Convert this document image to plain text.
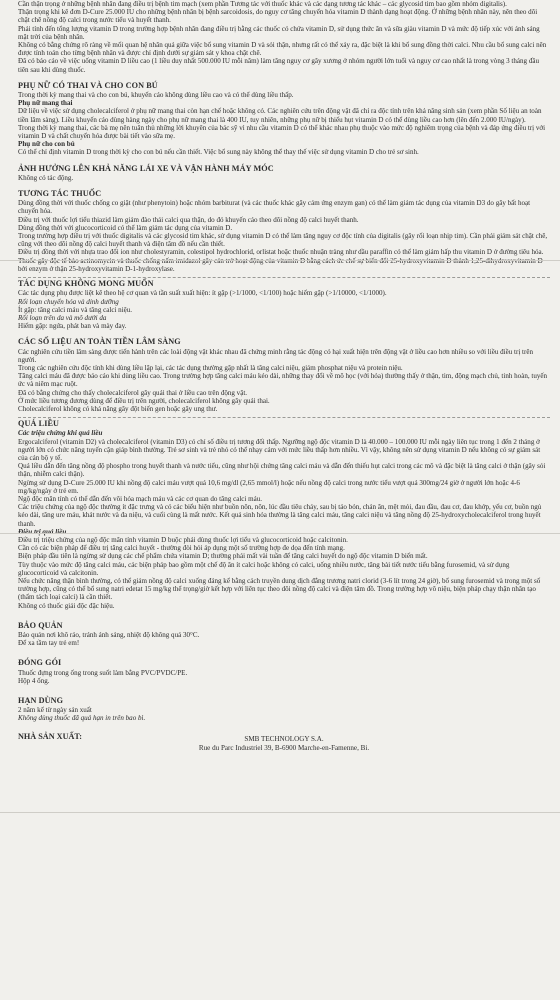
Cần thận trọng ở những bệnh nhân đang điều trị bệnh tim mạch (xem phần Tương tác với thuốc khác và các dạng tương tác khác – các glycosid tim bao gồm nhóm digitalis).

Thận trọng khi kê đơn D-Cure 25.000 IU cho những bệnh nhân bị bệnh sarcoidosis, do nguy cơ tăng chuyển hóa vitamin D thành dạng hoạt động. Ở những bệnh nhân này, nên theo dõi chặt chẽ nồng độ calci trong nước tiểu và huyết thanh.

Phải tính đến tổng lượng vitamin D trong trường hợp bệnh nhân đang điều trị bằng các thuốc có chứa vitamin D, sử dụng thức ăn và sữa giàu vitamin D và mức độ tiếp xúc với ánh sáng mặt trời của bệnh nhân.

Không có bằng chứng rõ ràng về mối quan hệ nhân quả giữa việc bổ sung vitamin D và sỏi thận, nhưng rất có thể xảy ra, đặc biệt là khi bổ sung đồng thời calci. Nhu cầu bổ sung calci nên được tính toán cho từng bệnh nhân và được chỉ định dưới sự giám sát y khoa chặt chẽ.

Đã có báo cáo về việc uống vitamin D liều cao (1 liều duy nhất 500.000 IU mỗi năm) làm tăng nguy cơ gãy xương ở nhóm người lớn tuổi và nguy cơ cao nhất là trong vòng 3 tháng đầu tiên sau khi dùng thuốc.

PHỤ NỮ CÓ THAI VÀ CHO CON BÚ

Trong thời kỳ mang thai và cho con bú, khuyến cáo không dùng liều cao và có thể dùng liều thấp.

Phụ nữ mang thai

Dữ liệu về việc sử dụng cholecalciferol ở phụ nữ mang thai còn hạn chế hoặc không có. Các nghiên cứu trên động vật đã chỉ ra độc tính trên khả năng sinh sản (xem phần Số liệu an toàn tiền lâm sàng). Liều khuyến cáo dùng hàng ngày cho phụ nữ mang thai là 400 IU, tuy nhiên, những phụ nữ bị thiếu hụt vitamin D có thể dùng liều cao hơn (lên đến 2.000 IU/ngày).

Trong thời kỳ mang thai, các bà mẹ nên tuân thủ những lời khuyên của bác sỹ vì nhu cầu vitamin D có thể khác nhau phụ thuộc vào mức độ nghiêm trọng của bệnh và đáp ứng điều trị với vitamin D và chất chuyển hóa được bài tiết vào sữa mẹ.

Phụ nữ cho con bú

Có thể chỉ định vitamin D trong thời kỳ cho con bú nếu cần thiết. Việc bổ sung này không thể thay thế việc sử dụng vitamin D cho trẻ sơ sinh.

ẢNH HƯỞNG LÊN KHẢ NĂNG LÁI XE VÀ VẬN HÀNH MÁY MÓC

Không có tác động.

TƯƠNG TÁC THUỐC

Dùng đồng thời với thuốc chống co giật (như phenytoin) hoặc nhóm barbiturat (và các thuốc khác gây cảm ứng enzym gan) có thể làm giảm tác dụng của vitamin D3 do gây bất hoạt chuyển hóa.

Điều trị với thuốc lợi tiểu thiazid làm giảm đào thải calci qua thận, do đó khuyến cáo theo dõi nồng độ calci huyết thanh.

Dùng đồng thời với glucocorticoid có thể làm giảm tác dụng của vitamin D.

Trong trường hợp điều trị với thuốc digitalis và các glycosid tim khác, sử dụng vitamin D có thể làm tăng nguy cơ độc tính của digitalis (gây rối loạn nhịp tim). Cần phải giám sát chặt chẽ, cũng với theo dõi nồng độ calci huyết thanh và điện tâm đồ nếu cần thiết.

Điều trị đồng thời với nhựa trao đổi ion như cholestyramin, colestipol hydrochlorid, orlistat hoặc thuốc nhuận tràng như dầu paraffin có thể làm giảm hấp thu vitamin D ở đường tiêu hóa.

Thuốc gây độc tế bào actinomycin và thuốc chống nấm imidazol gây cản trở hoạt động của vitamin D bằng cách ức chế sự biến đổi 25-hydroxyvitamin D thành 1,25-dihydroxyvitamin D bởi enzym ở thận 25-hydroxyvitamin D-1-hydroxylase.

TÁC DỤNG KHÔNG MONG MUỐN

Các tác dụng phụ được liệt kê theo hệ cơ quan và tần suất xuất hiện: ít gặp (>1/1000, <1/100) hoặc hiếm gặp (>1/10000, <1/1000).

Rối loạn chuyển hóa và dinh dưỡng

Ít gặp: tăng calci máu và tăng calci niệu.

Rối loạn trên da và mô dưới da

Hiếm gặp: ngứa, phát ban và mày đay.

CÁC SỐ LIỆU AN TOÀN TIỀN LÂM SÀNG

Các nghiên cứu tiền lâm sàng được tiến hành trên các loài động vật khác nhau đã chứng minh rằng tác động có hại xuất hiện trên động vật ở liều cao hơn nhiều so với liều điều trị trên người.

Trong các nghiên cứu độc tính khi dùng liều lặp lại, các tác dụng thường gặp nhất là tăng calci niệu, giảm phosphat niệu và protein niệu.

Tăng calci máu đã được báo cáo khi dùng liều cao. Trong trường hợp tăng calci máu kéo dài, những thay đổi về mô học (với hóa) thường thấy ở thận, tim, động mạch chủ, tinh hoàn, tuyến ức và niêm mạc ruột.

Đã có bằng chứng cho thấy cholecalciferol gây quái thai ở liều cao trên động vật.

Ở mức liều tương đương dùng để điều trị trên người, cholecalciferol không gây quái thai.

Cholecalciferol không có khả năng gây đột biến gen hoặc gây ung thư.

QUÁ LIỀU
Các triệu chứng khi quá liều

Ergocalciferol (vitamin D2) và cholecalciferol (vitamin D3) có chỉ số điều trị tương đối thấp. Ngưỡng ngộ độc vitamin D là 40.000 – 100.000 IU mỗi ngày liên tục trong 1 đến 2 tháng ở người lớn có chức năng tuyến cận giáp bình thường. Trẻ sơ sinh và trẻ nhỏ có thể nhạy cảm với mức liều thấp hơn nhiều. Vì vậy, không nên sử dụng vitamin D nếu không có sự giám sát của cán bộ y tế.

Quá liều dẫn đến tăng nồng độ phospho trong huyết thanh và nước tiểu, cũng như hội chứng tăng calci máu và dẫn đến thiếu hụt calci trong các mô và đặc biệt là tăng calci ở thận (gây sỏi thận, nhiễm calci thận).

Ngừng sử dụng D-Cure 25.000 IU khi nồng độ calci máu vượt quá 10,6 mg/dl (2,65 mmol/l) hoặc nếu nồng độ calci trong nước tiểu vượt quá 300mg/24 giờ ở người lớn hoặc 4-6 mg/kg/ngày ở trẻ em.

Ngộ độc mãn tính có thể dẫn đến vôi hóa mạch máu và các cơ quan do tăng calci máu.

Các triệu chứng của ngộ độc thường ít đặc trưng và có các biểu hiện như buồn nôn, nôn, lúc đầu tiêu chảy, sau bị táo bón, chán ăn, mệt mỏi, đau đầu, đau cơ, đau khớp, yếu cơ, buồn ngủ kéo dài, tăng ure máu, khát nước và đa niệu, và cuối cùng là mất nước. Kết quả sinh hóa thường là tăng calci máu, tăng calci niệu và tăng nồng độ 25-hydroxycholecalciferol trong huyết thanh.

Điều trị quá liều

Điều trị triệu chứng của ngộ độc mãn tính vitamin D buộc phải dùng thuốc lợi tiểu và glucocorticoid hoặc calcitonin.

Cần có các biện pháp để điều trị tăng calci huyết - thường đòi hỏi áp dụng một số trường hợp đe dọa đến tính mạng.

Biện pháp đầu tiên là ngừng sử dụng các chế phẩm chứa vitamin D; thường phải mất vài tuần để tăng calci huyết do ngộ độc vitamin D biến mất.

Tùy thuộc vào mức độ tăng calci máu, các biện pháp bao gồm một chế độ ăn ít calci hoặc không có calci, uống nhiều nước, tăng bài tiết nước tiểu bằng furosemid, và sử dụng glucocorticoid và calcitonin.

Nếu chức năng thận bình thường, có thể giảm nồng độ calci xuống đáng kể bằng cách truyền dung dịch đẳng trương natri clorid (3-6 lít trong 24 giờ), bổ sung furosemid và trong một số trường hợp, cũng có thể bổ sung natri edetat 15 mg/kg thể trọng/giờ kết hợp với liên tục theo dõi nồng độ calci và điện tâm đồ. Trong trường hợp vô niệu, biện pháp chạy thận nhân tạo (thẩm tách loại calci) là cần thiết.

Không có thuốc giải độc đặc hiệu.

BẢO QUẢN

Bảo quản nơi khô ráo, tránh ánh sáng, nhiệt độ không quá 30°C.

Để xa tầm tay trẻ em!

ĐÓNG GÓI

Thuốc đựng trong ống trong suốt làm bằng PVC/PVDC/PE.

Hộp 4 ống.

HẠN DÙNG

2 năm kể từ ngày sản xuất

Không dùng thuốc đã quá hạn in trên bao bì.

NHÀ SẢN XUẤT:	SMB TECHNOLOGY S.A.
Rue du Parc Industriel 39, B-6900 Marche-en-Famenne, Bi.
